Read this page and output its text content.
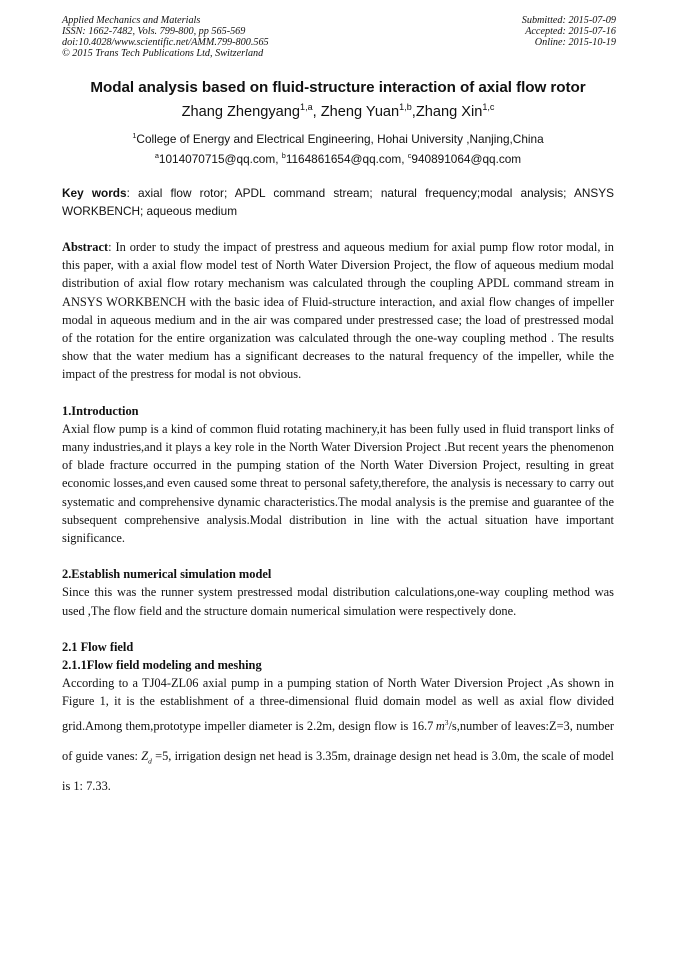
Applied Mechanics and Materials
ISSN: 1662-7482, Vols. 799-800, pp 565-569
doi:10.4028/www.scientific.net/AMM.799-800.565
© 2015 Trans Tech Publications Ltd, Switzerland
Submitted: 2015-07-09
Accepted: 2015-07-16
Online: 2015-10-19
Modal analysis based on fluid-structure interaction of axial flow rotor
Zhang Zhengyang$^{1,a}$, Zheng Yuan$^{1,b}$,Zhang Xin$^{1,c}$
$^1$College of Energy and Electrical Engineering, Hohai University ,Nanjing,China
$^a$1014070715@qq.com, $^b$1164861654@qq.com, $^c$940891064@qq.com

Key words: axial flow rotor; APDL command stream; natural frequency;modal analysis; ANSYS WORKBENCH; aqueous medium

Abstract: In order to study the impact of prestress and aqueous medium for axial pump flow rotor modal, in this paper, with a axial flow model test of North Water Diversion Project, the flow of aqueous medium modal distribution of axial flow rotary mechanism was calculated through the coupling APDL command stream in ANSYS WORKBENCH with the basic idea of Fluid-structure interaction, and axial flow changes of impeller modal in aqueous medium and in the air was compared under prestressed case; the load of prestressed modal of the rotation for the entire organization was calculated through the one-way coupling method . The results show that the water medium has a significant decreases to the natural frequency of the impeller, while the impact of the prestress for modal is not obvious.

1.Introduction

Axial flow pump is a kind of common fluid rotating machinery,it has been fully used in fluid transport links of many industries,and it plays a key role in the North Water Diversion Project .But recent years the phenomenon of blade fracture occurred in the pumping station of the North Water Diversion Project, resulting in great economic losses,and even caused some threat to personal safety,therefore, the analysis is necessary to carry out systematic and comprehensive dynamic characteristics.The modal analysis is the premise and guarantee of the subsequent comprehensive analysis.Modal distribution in line with the actual situation have important significance.

2.Establish numerical simulation model

Since this was the runner system prestressed modal distribution calculations,one-way coupling method was used ,The flow field and the structure domain numerical simulation were respectively done.

2.1 Flow field
2.1.1Flow field modeling and meshing

According to a TJ04-ZL06 axial pump in a pumping station of North Water Diversion Project ,As shown in Figure 1, it is the establishment of a three-dimensional fluid domain model as well as axial flow divided grid.Among them,prototype impeller diameter is 2.2m, design flow is 16.7  $m^3/s,number$ of leaves:Z=3, number of guide vanes: $Z_d =5$, irrigation design net head is 3.35m, drainage design net head is 3.0m, the scale of model is 1: 7.33.
